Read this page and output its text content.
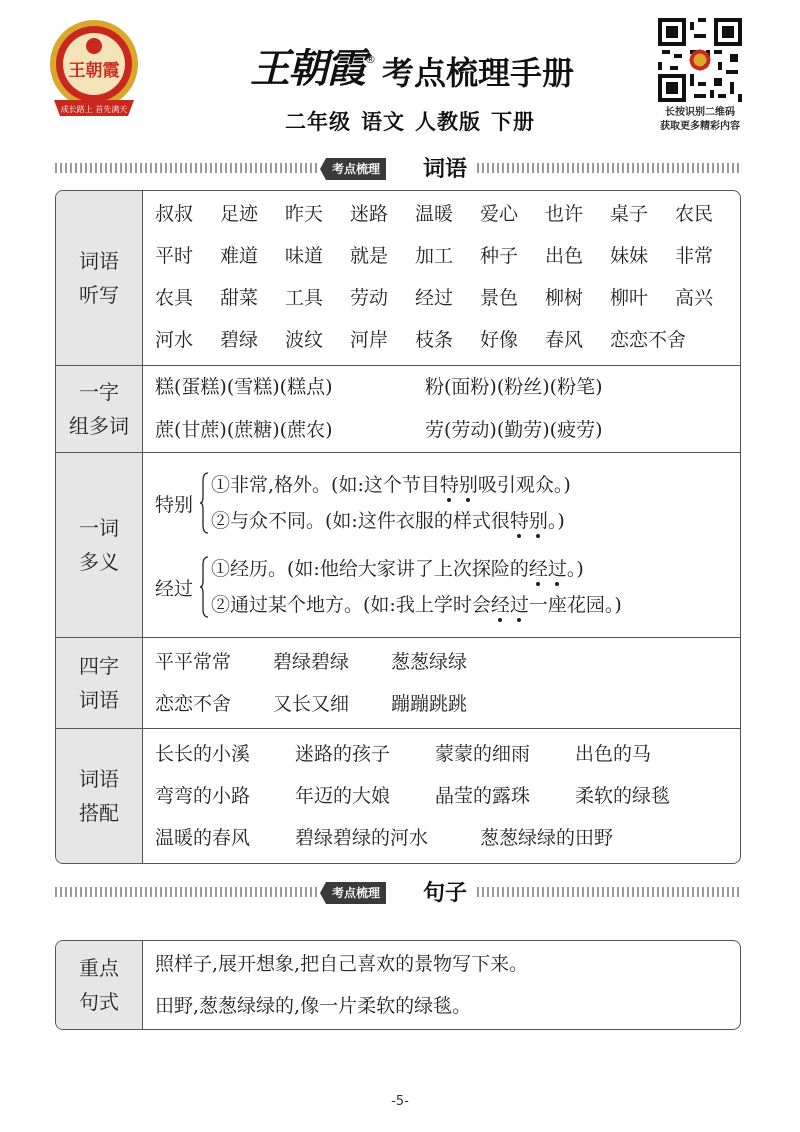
王朝霞
成长路上 首先满天
王朝霞 ® 考点梳理手册
二年级 语文 人教版 下册	长按识别二维码
获取更多精彩内容
考点梳理 词语
词语
听写
叔叔	足迹	昨天	迷路	温暖	爱心	也许	桌子	农民
平时	难道	味道	就是	加工	种子	出色	妹妹	非常
农具	甜菜	工具	劳动	经过	景色	柳树	柳叶	高兴
河水	碧绿	波纹	河岸	枝条	好像	春风	恋恋不舍
一字
组多词
糕(蛋糕)(雪糕)(糕点)	粉(面粉)(粉丝)(粉笔)
蔗(甘蔗)(蔗糖)(蔗农)	劳(劳动)(勤劳)(疲劳)
一词
多义
特别
①非常,格外。(如:这个节目特别吸引观众。)
②与众不同。(如:这件衣服的样式很特别。)
经过
①经历。(如:他给大家讲了上次探险的经过。)
②通过某个地方。(如:我上学时会经过一座花园。)
四字
词语
平平常常 碧绿碧绿 葱葱绿绿
恋恋不舍 又长又细 蹦蹦跳跳
词语
搭配
长长的小溪 迷路的孩子 蒙蒙的细雨 出色的马
弯弯的小路 年迈的大娘 晶莹的露珠 柔软的绿毯
温暖的春风 碧绿碧绿的河水	葱葱绿绿的田野
考点梳理 句子
重点
句式
照样子,展开想象,把自己喜欢的景物写下来。
田野,葱葱绿绿的,像一片柔软的绿毯。
-5-
